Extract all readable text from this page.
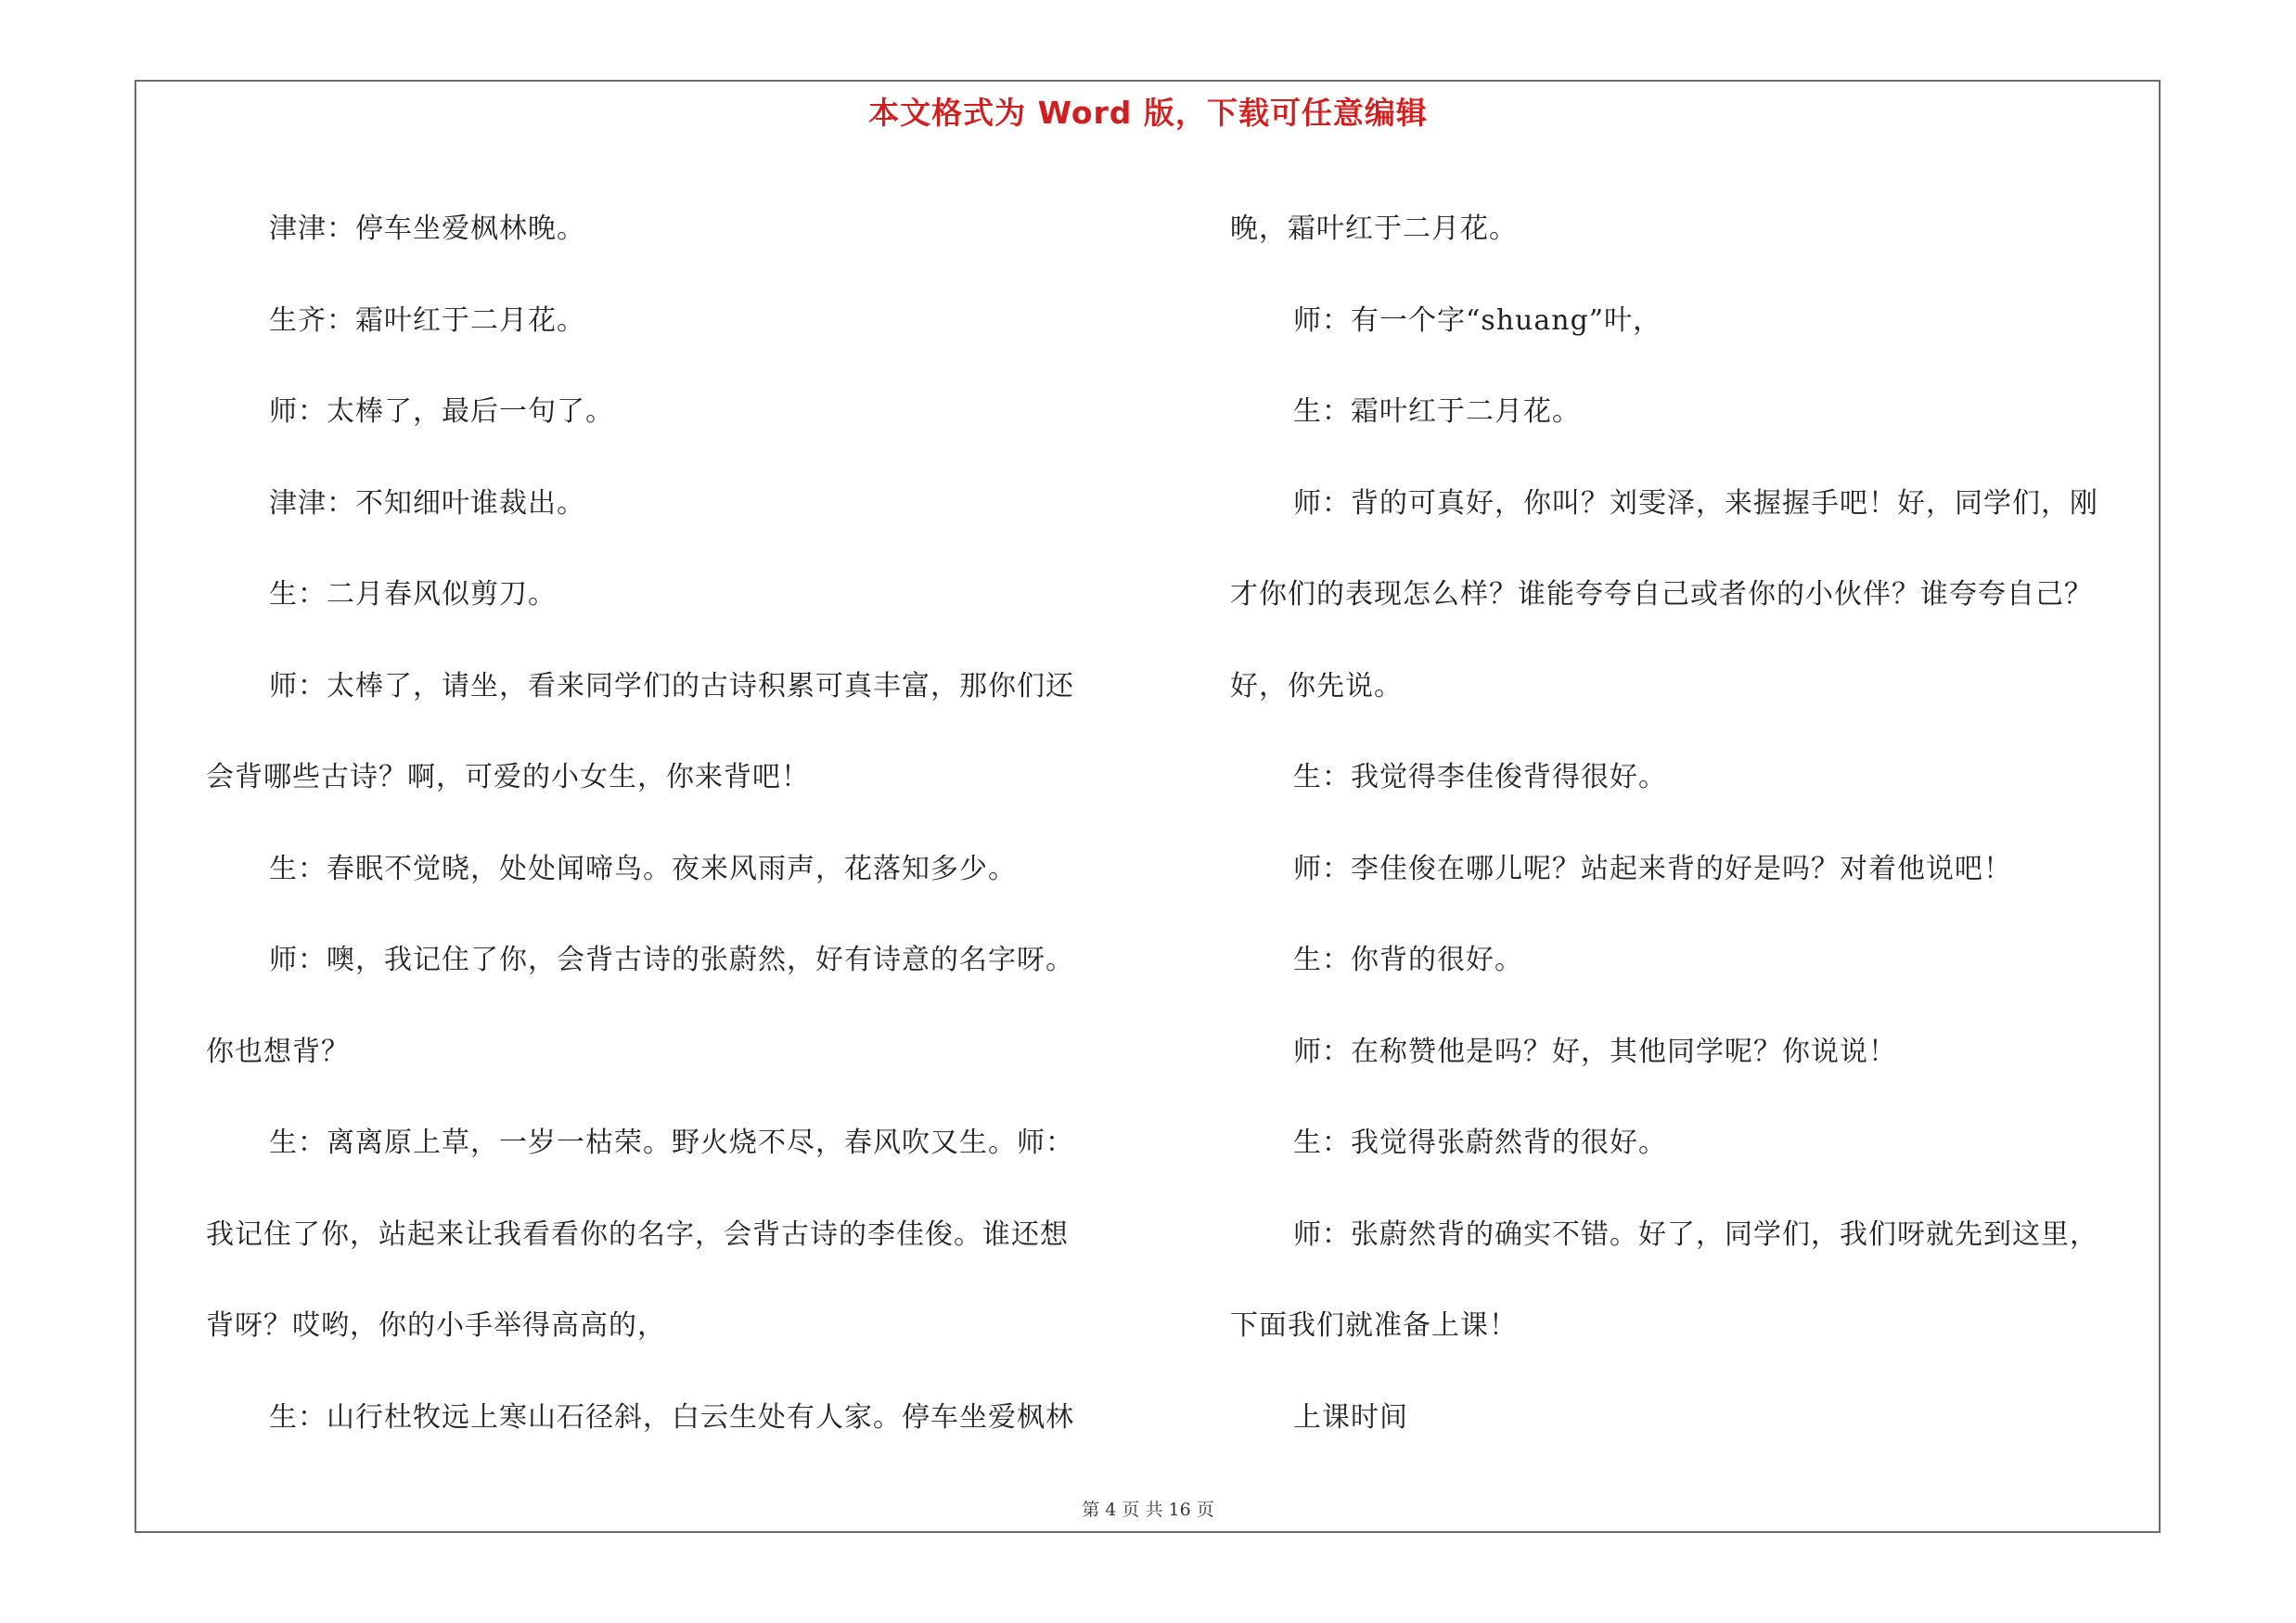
本文格式为 Word 版，下载可任意编辑
津津：停车坐爱枫林晚。
生齐：霜叶红于二月花。
师：太棒了，最后一句了。
津津：不知细叶谁裁出。
生：二月春风似剪刀。
师：太棒了，请坐，看来同学们的古诗积累可真丰富，那你们还
会背哪些古诗？啊，可爱的小女生，你来背吧！
生：春眠不觉晓，处处闻啼鸟。夜来风雨声，花落知多少。
师：噢，我记住了你，会背古诗的张蔚然，好有诗意的名字呀。
你也想背？
生：离离原上草，一岁一枯荣。野火烧不尽，春风吹又生。师：
我记住了你，站起来让我看看你的名字，会背古诗的李佳俊。谁还想
背呀？哎哟，你的小手举得高高的，
生：山行杜牧远上寒山石径斜，白云生处有人家。停车坐爱枫林
晚，霜叶红于二月花。
师：有一个字“shuang”叶，
生：霜叶红于二月花。
师：背的可真好，你叫？刘雯泽，来握握手吧！好，同学们，刚
才你们的表现怎么样？谁能夸夸自己或者你的小伙伴？谁夸夸自己？
好，你先说。
生：我觉得李佳俊背得很好。
师：李佳俊在哪儿呢？站起来背的好是吗？对着他说吧！
生：你背的很好。
师：在称赞他是吗？好，其他同学呢？你说说！
生：我觉得张蔚然背的很好。
师：张蔚然背的确实不错。好了，同学们，我们呀就先到这里，
下面我们就准备上课！
上课时间
第 4 页 共 16 页
